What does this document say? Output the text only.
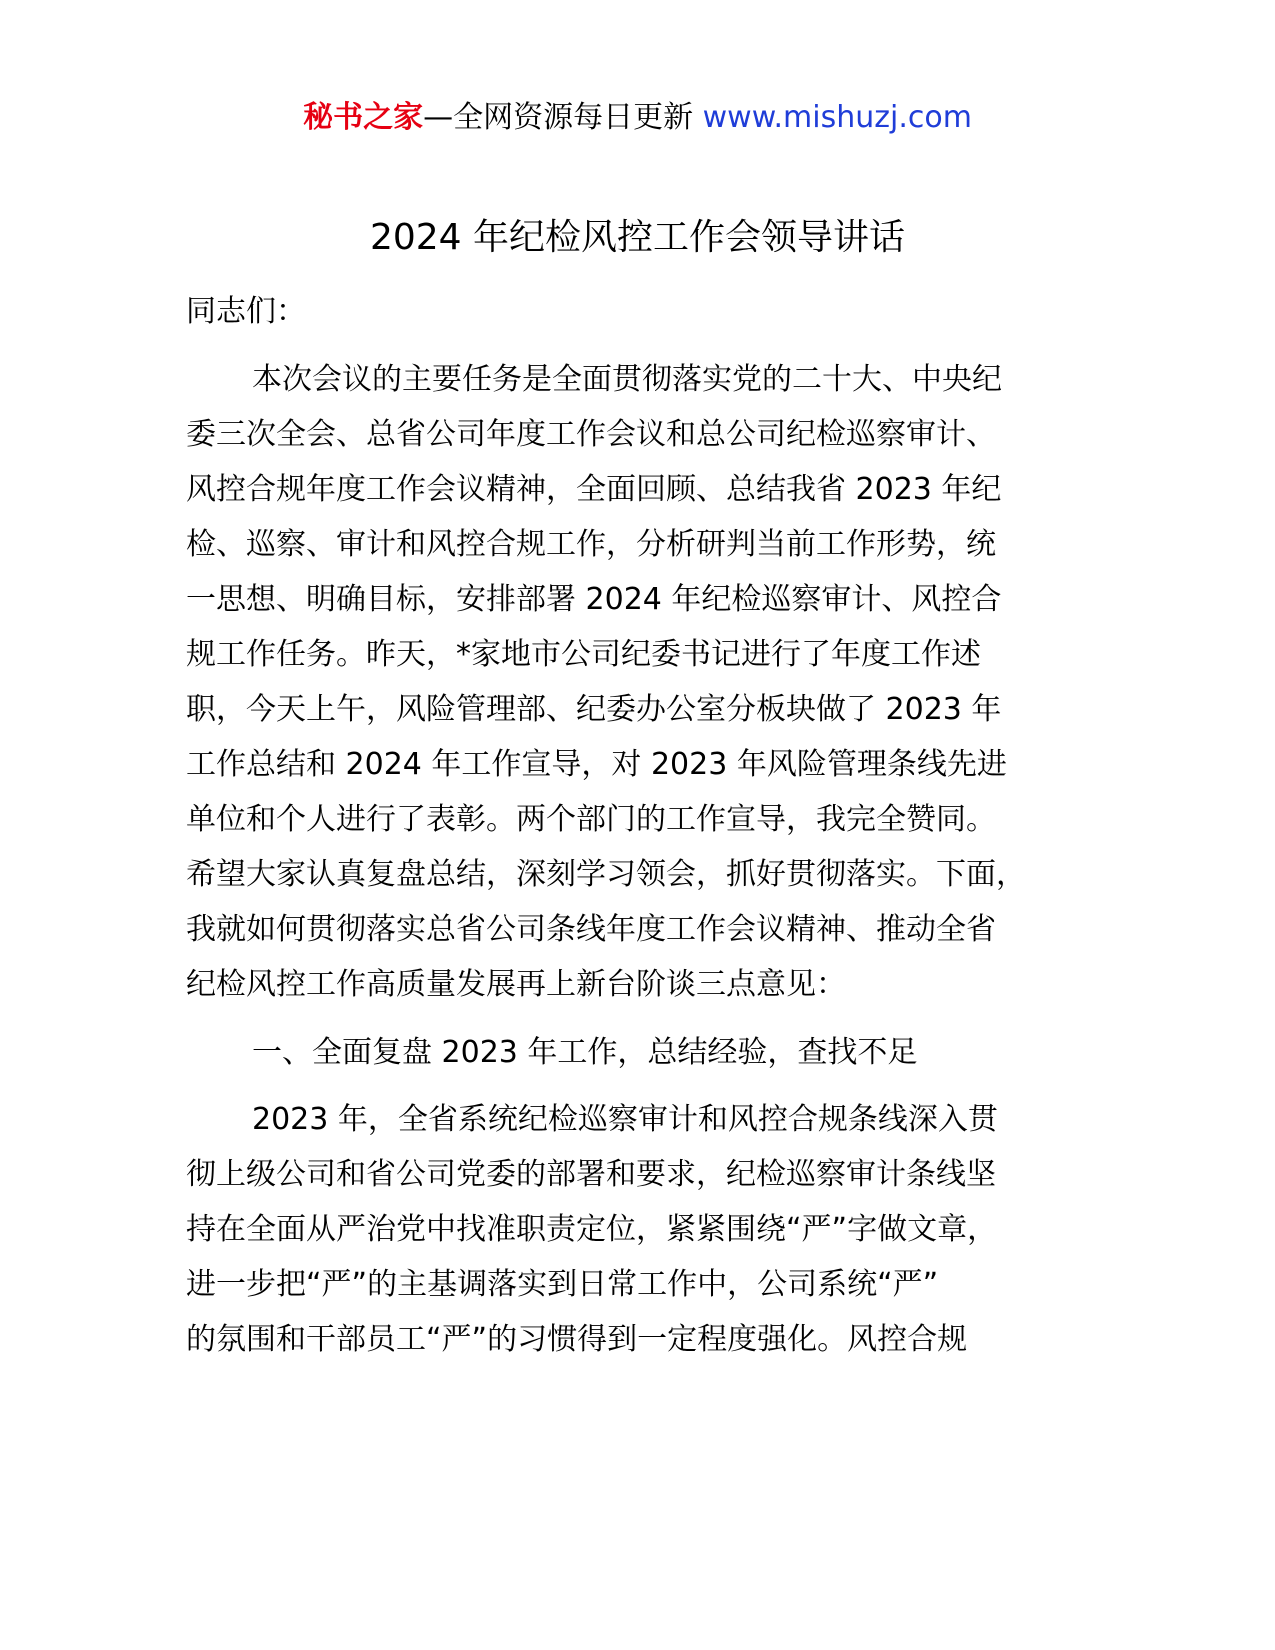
秘书之家—全网资源每日更新 www.mishuzj.com
2024 年纪检风控工作会领导讲话
同志们：
本次会议的主要任务是全面贯彻落实党的二十大、中央纪
委三次全会、总省公司年度工作会议和总公司纪检巡察审计、
风控合规年度工作会议精神，全面回顾、总结我省 2023 年纪
检、巡察、审计和风控合规工作，分析研判当前工作形势，统
一思想、明确目标，安排部署 2024 年纪检巡察审计、风控合
规工作任务。昨天，*家地市公司纪委书记进行了年度工作述
职，今天上午，风险管理部、纪委办公室分板块做了 2023 年
工作总结和 2024 年工作宣导，对 2023 年风险管理条线先进
单位和个人进行了表彰。两个部门的工作宣导，我完全赞同。
希望大家认真复盘总结，深刻学习领会，抓好贯彻落实。下面，
我就如何贯彻落实总省公司条线年度工作会议精神、推动全省
纪检风控工作高质量发展再上新台阶谈三点意见：
一、全面复盘 2023 年工作，总结经验，查找不足
2023 年，全省系统纪检巡察审计和风控合规条线深入贯
彻上级公司和省公司党委的部署和要求，纪检巡察审计条线坚
持在全面从严治党中找准职责定位，紧紧围绕“严”字做文章，
进一步把“严”的主基调落实到日常工作中，公司系统“严”
的氛围和干部员工“严”的习惯得到一定程度强化。风控合规
